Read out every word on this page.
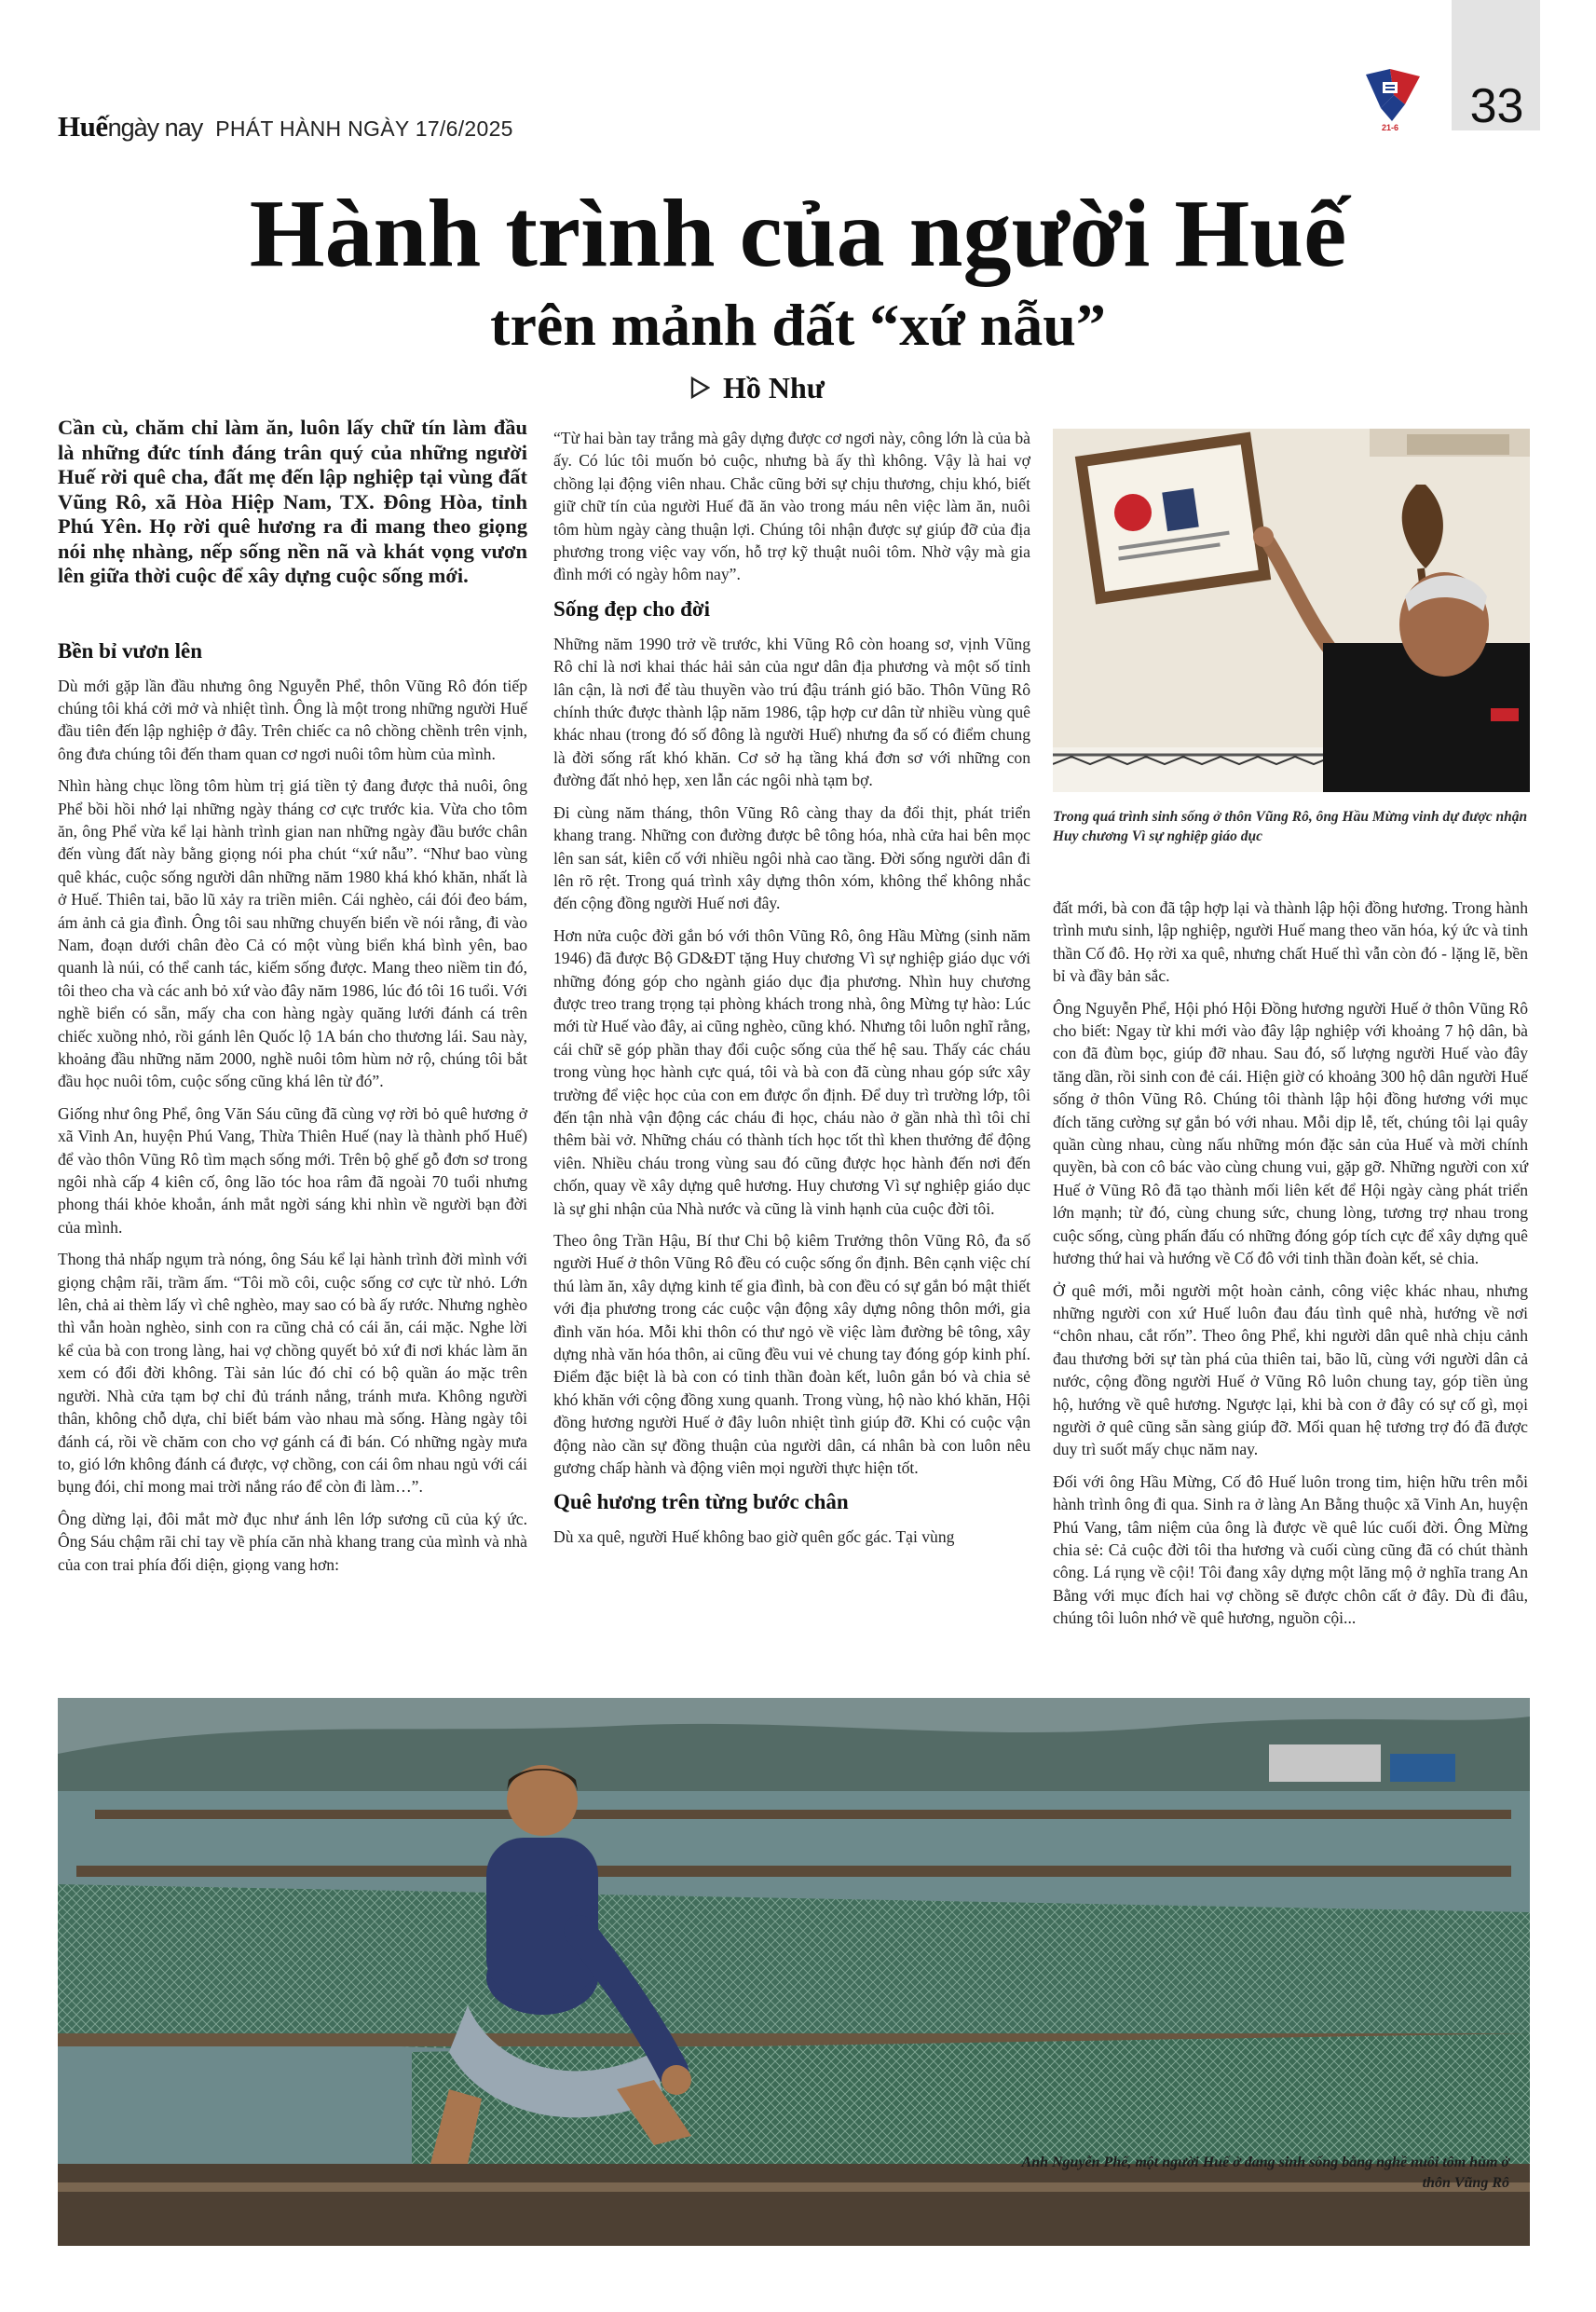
33
21-6
Huế ngày nay PHÁT HÀNH NGÀY 17/6/2025
Hành trình của người Huế
trên mảnh đất “xứ nẫu”
Hồ Như
Cần cù, chăm chỉ làm ăn, luôn lấy chữ tín làm đầu là những đức tính đáng trân quý của những người Huế rời quê cha, đất mẹ đến lập nghiệp tại vùng đất Vũng Rô, xã Hòa Hiệp Nam, TX. Đông Hòa, tỉnh Phú Yên. Họ rời quê hương ra đi mang theo giọng nói nhẹ nhàng, nếp sống nền nã và khát vọng vươn lên giữa thời cuộc để xây dựng cuộc sống mới.
Bền bỉ vươn lên

Dù mới gặp lần đầu nhưng ông Nguyễn Phể, thôn Vũng Rô đón tiếp chúng tôi khá cởi mở và nhiệt tình. Ông là một trong những người Huế đầu tiên đến lập nghiệp ở đây. Trên chiếc ca nô chồng chềnh trên vịnh, ông đưa chúng tôi đến tham quan cơ ngơi nuôi tôm hùm của mình.

Nhìn hàng chục lồng tôm hùm trị giá tiền tỷ đang được thả nuôi, ông Phể bồi hồi nhớ lại những ngày tháng cơ cực trước kia. Vừa cho tôm ăn, ông Phể vừa kể lại hành trình gian nan những ngày đầu bước chân đến vùng đất này bằng giọng nói pha chút “xứ nẫu”. “Như bao vùng quê khác, cuộc sống người dân những năm 1980 khá khó khăn, nhất là ở Huế. Thiên tai, bão lũ xảy ra triền miên. Cái nghèo, cái đói đeo bám, ám ảnh cả gia đình. Ông tôi sau những chuyến biển về nói rằng, đi vào Nam, đoạn dưới chân đèo Cả có một vùng biển khá bình yên, bao quanh là núi, có thể canh tác, kiếm sống được. Mang theo niềm tin đó, tôi theo cha và các anh bỏ xứ vào đây năm 1986, lúc đó tôi 16 tuổi. Với nghề biển có sẵn, mấy cha con hàng ngày quăng lưới đánh cá trên chiếc xuồng nhỏ, rồi gánh lên Quốc lộ 1A bán cho thương lái. Sau này, khoảng đầu những năm 2000, nghề nuôi tôm hùm nở rộ, chúng tôi bắt đầu học nuôi tôm, cuộc sống cũng khá lên từ đó”.

Giống như ông Phể, ông Văn Sáu cũng đã cùng vợ rời bỏ quê hương ở xã Vinh An, huyện Phú Vang, Thừa Thiên Huế (nay là thành phố Huế) để vào thôn Vũng Rô tìm mạch sống mới. Trên bộ ghế gỗ đơn sơ trong ngôi nhà cấp 4 kiên cố, ông lão tóc hoa râm đã ngoài 70 tuổi nhưng phong thái khỏe khoắn, ánh mắt ngời sáng khi nhìn về người bạn đời của mình.

Thong thả nhấp ngụm trà nóng, ông Sáu kể lại hành trình đời mình với giọng chậm rãi, trầm ấm. “Tôi mồ côi, cuộc sống cơ cực từ nhỏ. Lớn lên, chả ai thèm lấy vì chê nghèo, may sao có bà ấy rước. Nhưng nghèo thì vẫn hoàn nghèo, sinh con ra cũng chả có cái ăn, cái mặc. Nghe lời kể của bà con trong làng, hai vợ chồng quyết bỏ xứ đi nơi khác làm ăn xem có đổi đời không. Tài sản lúc đó chỉ có bộ quần áo mặc trên người. Nhà cửa tạm bợ chỉ đủ tránh nắng, tránh mưa. Không người thân, không chỗ dựa, chỉ biết bám vào nhau mà sống. Hàng ngày tôi đánh cá, rồi về chăm con cho vợ gánh cá đi bán. Có những ngày mưa to, gió lớn không đánh cá được, vợ chồng, con cái ôm nhau ngủ với cái bụng đói, chỉ mong mai trời nắng ráo để còn đi làm…”.

Ông dừng lại, đôi mắt mờ đục như ánh lên lớp sương cũ của ký ức. Ông Sáu chậm rãi chỉ tay về phía căn nhà khang trang của mình và nhà của con trai phía đối diện, giọng vang hơn:

“Từ hai bàn tay trắng mà gây dựng được cơ ngơi này, công lớn là của bà ấy. Có lúc tôi muốn bỏ cuộc, nhưng bà ấy thì không. Vậy là hai vợ chồng lại động viên nhau. Chắc cũng bởi sự chịu thương, chịu khó, biết giữ chữ tín của người Huế đã ăn vào trong máu nên việc làm ăn, nuôi tôm hùm ngày càng thuận lợi. Chúng tôi nhận được sự giúp đỡ của địa phương trong việc vay vốn, hỗ trợ kỹ thuật nuôi tôm. Nhờ vậy mà gia đình mới có ngày hôm nay”.

Sống đẹp cho đời

Những năm 1990 trở về trước, khi Vũng Rô còn hoang sơ, vịnh Vũng Rô chỉ là nơi khai thác hải sản của ngư dân địa phương và một số tỉnh lân cận, là nơi để tàu thuyền vào trú đậu tránh gió bão. Thôn Vũng Rô chính thức được thành lập năm 1986, tập hợp cư dân từ nhiều vùng quê khác nhau (trong đó số đông là người Huế) nhưng đa số có điểm chung là đời sống rất khó khăn. Cơ sở hạ tầng khá đơn sơ với những con đường đất nhỏ hẹp, xen lẫn các ngôi nhà tạm bợ.

Đi cùng năm tháng, thôn Vũng Rô càng thay da đổi thịt, phát triển khang trang. Những con đường được bê tông hóa, nhà cửa hai bên mọc lên san sát, kiên cố với nhiều ngôi nhà cao tầng. Đời sống người dân đi lên rõ rệt. Trong quá trình xây dựng thôn xóm, không thể không nhắc đến cộng đồng người Huế nơi đây.

Hơn nửa cuộc đời gắn bó với thôn Vũng Rô, ông Hầu Mừng (sinh năm 1946) đã được Bộ GD&ĐT tặng Huy chương Vì sự nghiệp giáo dục với những đóng góp cho ngành giáo dục địa phương. Nhìn huy chương được treo trang trọng tại phòng khách trong nhà, ông Mừng tự hào: Lúc mới từ Huế vào đây, ai cũng nghèo, cũng khó. Nhưng tôi luôn nghĩ rằng, cái chữ sẽ góp phần thay đổi cuộc sống của thế hệ sau. Thấy các cháu trong vùng học hành cực quá, tôi và bà con đã cùng nhau góp sức xây trường để việc học của con em được ổn định. Để duy trì trường lớp, tôi đến tận nhà vận động các cháu đi học, cháu nào ở gần nhà thì tôi chỉ thêm bài vở. Những cháu có thành tích học tốt thì khen thưởng để động viên. Nhiều cháu trong vùng sau đó cũng được học hành đến nơi đến chốn, quay về xây dựng quê hương. Huy chương Vì sự nghiệp giáo dục là sự ghi nhận của Nhà nước và cũng là vinh hạnh của cuộc đời tôi.

Theo ông Trần Hậu, Bí thư Chi bộ kiêm Trưởng thôn Vũng Rô, đa số người Huế ở thôn Vũng Rô đều có cuộc sống ổn định. Bên cạnh việc chí thú làm ăn, xây dựng kinh tế gia đình, bà con đều có sự gắn bó mật thiết với địa phương trong các cuộc vận động xây dựng nông thôn mới, gia đình văn hóa. Mỗi khi thôn có thư ngỏ về việc làm đường bê tông, xây dựng nhà văn hóa thôn, ai cũng đều vui vẻ chung tay đóng góp kinh phí. Điểm đặc biệt là bà con có tinh thần đoàn kết, luôn gắn bó và chia sẻ khó khăn với cộng đồng xung quanh. Trong vùng, hộ nào khó khăn, Hội đồng hương người Huế ở đây luôn nhiệt tình giúp đỡ. Khi có cuộc vận động nào cần sự đồng thuận của người dân, cá nhân bà con luôn nêu gương chấp hành và động viên mọi người thực hiện tốt.

Quê hương trên từng bước chân

Dù xa quê, người Huế không bao giờ quên gốc gác. Tại vùng

Trong quá trình sinh sống ở thôn Vũng Rô, ông Hầu Mừng vinh dự được nhận Huy chương Vì sự nghiệp giáo dục

đất mới, bà con đã tập hợp lại và thành lập hội đồng hương. Trong hành trình mưu sinh, lập nghiệp, người Huế mang theo văn hóa, ký ức và tinh thần Cố đô. Họ rời xa quê, nhưng chất Huế thì vẫn còn đó - lặng lẽ, bền bỉ và đầy bản sắc.

Ông Nguyễn Phể, Hội phó Hội Đồng hương người Huế ở thôn Vũng Rô cho biết: Ngay từ khi mới vào đây lập nghiệp với khoảng 7 hộ dân, bà con đã đùm bọc, giúp đỡ nhau. Sau đó, số lượng người Huế vào đây tăng dần, rồi sinh con đẻ cái. Hiện giờ có khoảng 300 hộ dân người Huế sống ở thôn Vũng Rô. Chúng tôi thành lập hội đồng hương với mục đích tăng cường sự gắn bó với nhau. Mỗi dịp lễ, tết, chúng tôi lại quây quần cùng nhau, cùng nấu những món đặc sản của Huế và mời chính quyền, bà con cô bác vào cùng chung vui, gặp gỡ. Những người con xứ Huế ở Vũng Rô đã tạo thành mối liên kết để Hội ngày càng phát triển lớn mạnh; từ đó, cùng chung sức, chung lòng, tương trợ nhau trong cuộc sống, cùng phấn đấu có những đóng góp tích cực để xây dựng quê hương thứ hai và hướng về Cố đô với tinh thần đoàn kết, sẻ chia.

Ở quê mới, mỗi người một hoàn cảnh, công việc khác nhau, nhưng những người con xứ Huế luôn đau đáu tình quê nhà, hướng về nơi “chôn nhau, cắt rốn”. Theo ông Phể, khi người dân quê nhà chịu cảnh đau thương bởi sự tàn phá của thiên tai, bão lũ, cùng với người dân cả nước, cộng đồng người Huế ở Vũng Rô luôn chung tay, góp tiền ủng hộ, hướng về quê hương. Ngược lại, khi bà con ở đây có sự cố gì, mọi người ở quê cũng sẵn sàng giúp đỡ. Mối quan hệ tương trợ đó đã được duy trì suốt mấy chục năm nay.

Đối với ông Hầu Mừng, Cố đô Huế luôn trong tim, hiện hữu trên mỗi hành trình ông đi qua. Sinh ra ở làng An Bằng thuộc xã Vinh An, huyện Phú Vang, tâm niệm của ông là được về quê lúc cuối đời. Ông Mừng chia sẻ: Cả cuộc đời tôi tha hương và cuối cùng cũng đã có chút thành công. Lá rụng về cội! Tôi đang xây dựng một lăng mộ ở nghĩa trang An Bằng với mục đích hai vợ chồng sẽ được chôn cất ở đây. Dù đi đâu, chúng tôi luôn nhớ về quê hương, nguồn cội...

Anh Nguyễn Phể, một người Huế ở đang sinh sống bằng nghề nuôi tôm hùm ở thôn Vũng Rô
